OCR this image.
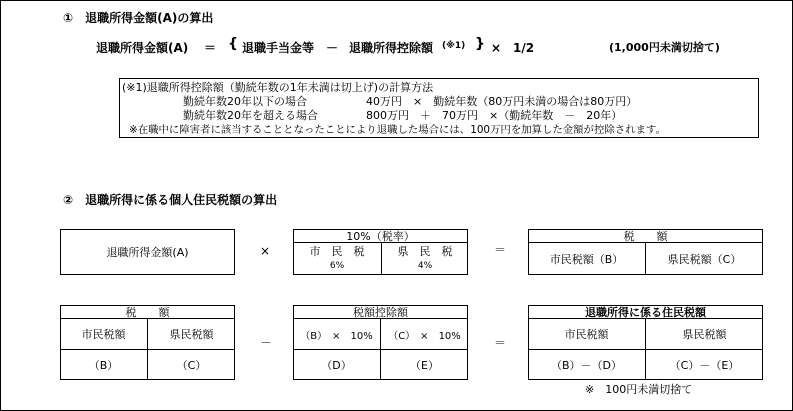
①　退職所得金額(A)の算出
退職所得金額(A) ＝ { 退職手当金等 － 退職所得控除額 (※1) } ×　1/2	(1,000円未満切捨て)
(※1)退職所得控除額（勤続年数の1年未満は切上げ)の計算方法
勤続年数20年以下の場合	40万円　×　勤続年数（80万円未満の場合は80万円）
勤続年数20年を超える場合	800万円　＋　70万円　×（勤続年数　－　20年）
※在職中に障害者に該当することとなったことにより退職した場合には、100万円を加算した金額が控除されます。
②　退職所得に係る個人住民税額の算出
退職所得金額(A)	×
10%（税率）
市　民　税
6%
県　民　税
4%
＝
税　　額
市民税額（B）	県民税額（C）
税　　額
市民税額	県民税額
（B）	（C）
－
税額控除額
（B）　×　10%	（C）　×　10%
（D）	（E）
＝
退職所得に係る住民税額
市民税額	県民税額
（B）－（D）	（C）－（E）
※　100円未満切捨て
